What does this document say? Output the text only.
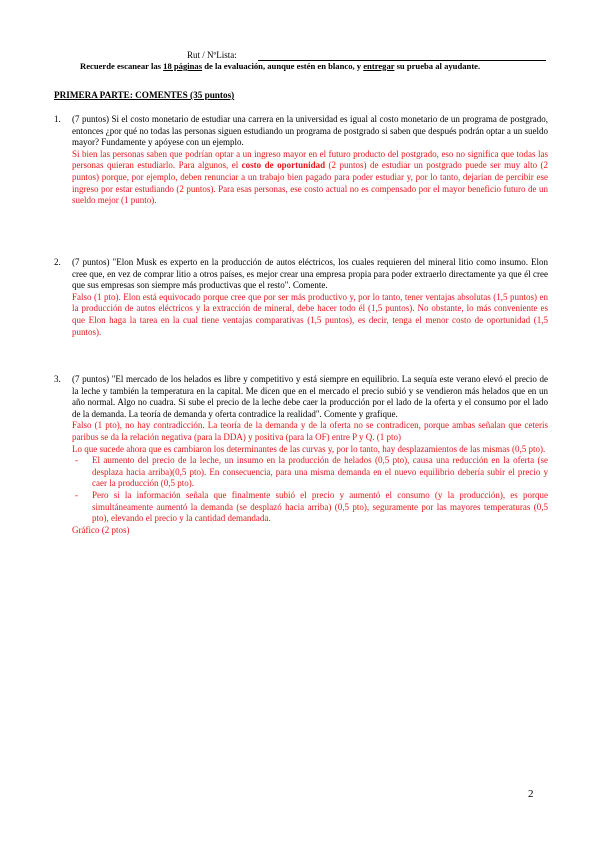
Rut / NºLista:
Recuerde escanear las 18 páginas de la evaluación, aunque estén en blanco, y entregar su prueba al ayudante.
PRIMERA PARTE: COMENTES (35 puntos)
1.	(7 puntos) Si el costo monetario de estudiar una carrera en la universidad es igual al costo monetario de un programa de postgrado, entonces ¿por qué no todas las personas siguen estudiando un programa de postgrado si saben que después podrán optar a un sueldo mayor? Fundamente y apóyese con un ejemplo.

Si bien las personas saben que podrían optar a un ingreso mayor en el futuro producto del postgrado, eso no significa que todas las personas quieran estudiarlo. Para algunos, el costo de oportunidad (2 puntos) de estudiar un postgrado puede ser muy alto (2 puntos) porque, por ejemplo, deben renunciar a un trabajo bien pagado para poder estudiar y, por lo tanto, dejarían de percibir ese ingreso por estar estudiando (2 puntos). Para esas personas, ese costo actual no es compensado por el mayor beneficio futuro de un sueldo mejor (1 punto).

2.	(7 puntos) "Elon Musk es experto en la producción de autos eléctricos, los cuales requieren del mineral litio como insumo. Elon cree que, en vez de comprar litio a otros países, es mejor crear una empresa propia para poder extraerlo directamente ya que él cree que sus empresas son siempre más productivas que el resto". Comente.

Falso (1 pto). Elon está equivocado porque cree que por ser más productivo y, por lo tanto, tener ventajas absolutas (1,5 puntos) en la producción de autos eléctricos y la extracción de mineral, debe hacer todo él (1,5 puntos). No obstante, lo más conveniente es que Elon haga la tarea en la cual tiene ventajas comparativas (1,5 puntos), es decir, tenga el menor costo de oportunidad (1,5 puntos).

3.	(7 puntos) "El mercado de los helados es libre y competitivo y está siempre en equilibrio. La sequía este verano elevó el precio de la leche y también la temperatura en la capital. Me dicen que en el mercado el precio subió y se vendieron más helados que en un año normal. Algo no cuadra. Si sube el precio de la leche debe caer la producción por el lado de la oferta y el consumo por el lado de la demanda. La teoría de demanda y oferta contradice la realidad". Comente y grafique.

Falso (1 pto), no hay contradicción. La teoría de la demanda y de la oferta no se contradicen, porque ambas señalan que ceteris paribus se da la relación negativa (para la DDA) y positiva (para la OF) entre P y Q. (1 pto)

Lo que sucede ahora que es cambiaron los determinantes de las curvas y, por lo tanto, hay desplazamientos de las mismas (0,5 pto).

- El aumento del precio de la leche, un insumo en la producción de helados (0,5 pto), causa una reducción en la oferta (se desplaza hacia arriba)(0,5 pto). En consecuencia, para una misma demanda en el nuevo equilibrio debería subir el precio y caer la producción (0,5 pto).
- Pero si la información señala que finalmente subió el precio y aumentó el consumo (y la producción), es porque simultáneamente aumentó la demanda (se desplazó hacia arriba) (0,5 pto), seguramente por las mayores temperaturas (0,5 pto), elevando el precio y la cantidad demandada.

Gráfico (2 ptos)

2
